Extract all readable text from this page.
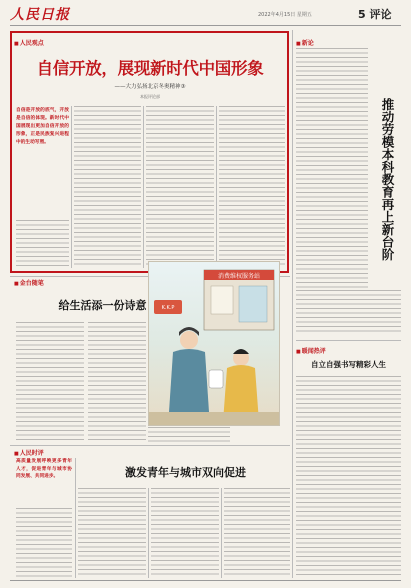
人民日报	2022年4月15日 星期五	5 评论
■ 人民观点
自信开放，展现新时代中国形象
——大力弘扬北京冬奥精神③
本报评论部
自信是开放的底气，开放是自信的体现。新时代中国展现出更加自信开放的形象，正是民族复兴进程中的生动写照。
■ 新论
推动劳模本科教育再上新台阶
■ 金台随笔
给生活添一份诗意
消费维权服务站
K.K.P
■ 暖闻热评
自立自强书写精彩人生
■ 人民时评
高质量发展呼唤更多青年人才，促进青年与城市协同发展、共同进步。	激发青年与城市双向促进
